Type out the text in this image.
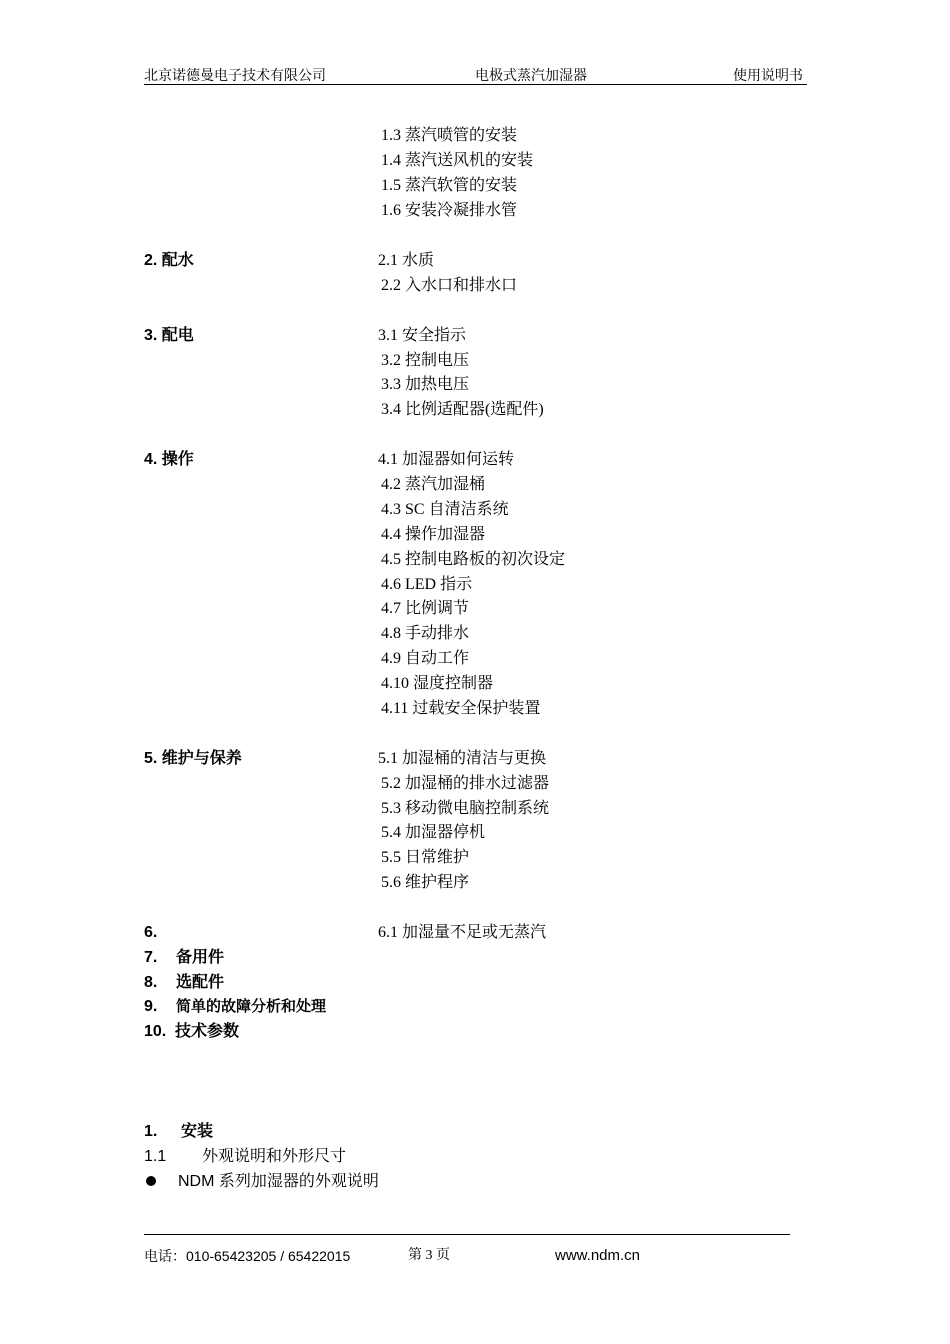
北京诺德曼电子技术有限公司	电极式蒸汽加湿器	使用说明书
1.3 蒸汽喷管的安装
1.4 蒸汽送风机的安装
1.5 蒸汽软管的安装
1.6 安装冷凝排水管
2. 配水	2.1 水质
2.2 入水口和排水口
3. 配电	3.1 安全指示
3.2 控制电压
3.3 加热电压
3.4 比例适配器(选配件)
4. 操作	4.1 加湿器如何运转
4.2 蒸汽加湿桶
4.3 SC 自清洁系统
4.4 操作加湿器
4.5 控制电路板的初次设定
4.6 LED 指示
4.7 比例调节
4.8 手动排水
4.9 自动工作
4.10 湿度控制器
4.11 过载安全保护装置
5. 维护与保养	5.1 加湿桶的清洁与更换
5.2 加湿桶的排水过滤器
5.3 移动微电脑控制系统
5.4 加湿器停机
5.5 日常维护
5.6 维护程序
6.	6.1 加湿量不足或无蒸汽
7. 备用件
8. 选配件
9. 简单的故障分析和处理
10. 技术参数
1. 安装
1.1 外观说明和外形尺寸
NDM 系列加湿器的外观说明
电话：010-65423205 / 65422015	第 3 页	www.ndm.cn
